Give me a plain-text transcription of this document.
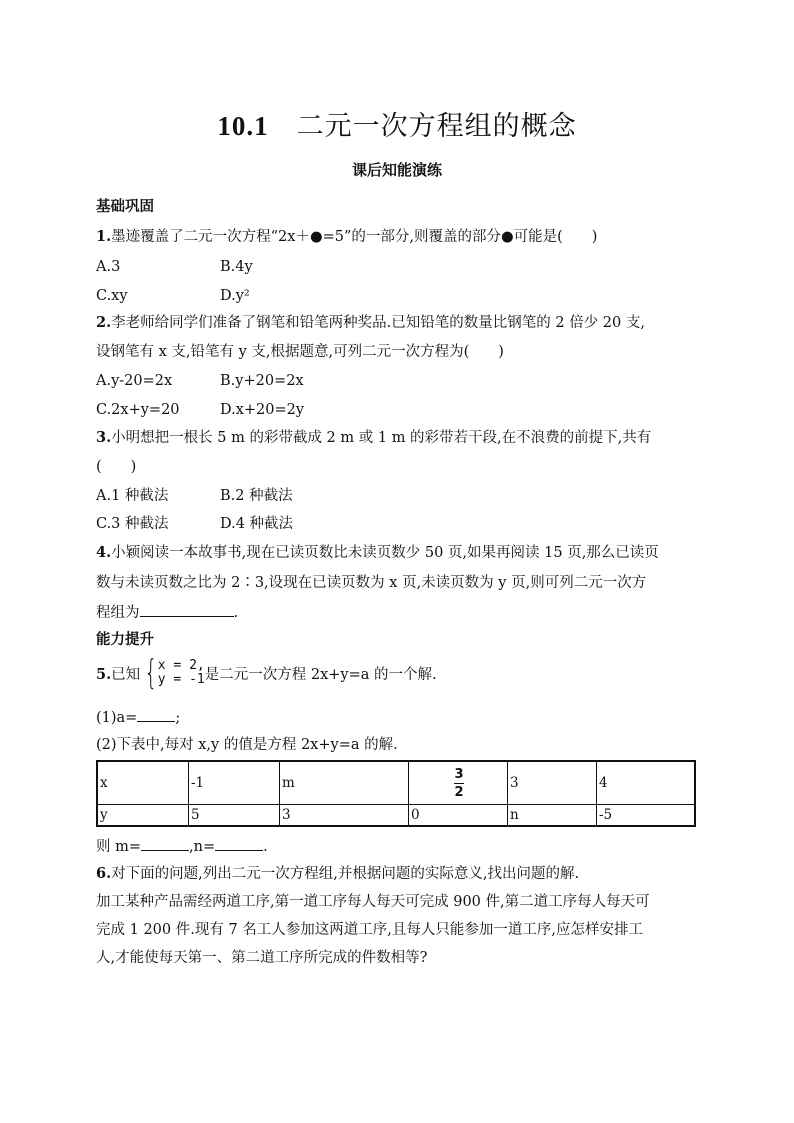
10.1 二元一次方程组的概念
课后知能演练
基础巩固
1.墨迹覆盖了二元一次方程“2x＋●=5”的一部分,则覆盖的部分●可能是(　　)
A.3	B.4y
C.xy	D.y²
2.李老师给同学们准备了钢笔和铅笔两种奖品.已知铅笔的数量比钢笔的 2 倍少 20 支,
设钢笔有 x 支,铅笔有 y 支,根据题意,可列二元一次方程为(　　)
A.y-20=2x	B.y+20=2x
C.2x+y=20	D.x+20=2y
3.小明想把一根长 5 m 的彩带截成 2 m 或 1 m 的彩带若干段,在不浪费的前提下,共有
(　　)
A.1 种截法	B.2 种截法
C.3 种截法	D.4 种截法
4.小颖阅读一本故事书,现在已读页数比未读页数少 50 页,如果再阅读 15 页,那么已读页
数与未读页数之比为 2∶3,设现在已读页数为 x 页,未读页数为 y 页,则可列二元一次方
程组为	.
能力提升
5.已知 { x = 2,
y = -1 是二元一次方程 2x+y=a 的一个解.
(1)a=	;
(2)下表中,每对 x,y 的值是方程 2x+y=a 的解.
x	-1	m	$\frac{3}{2}$	3	4
y	5	3	0	n	-5
则 m=	,n=	.
6.对下面的问题,列出二元一次方程组,并根据问题的实际意义,找出问题的解.
加工某种产品需经两道工序,第一道工序每人每天可完成 900 件,第二道工序每人每天可
完成 1 200 件.现有 7 名工人参加这两道工序,且每人只能参加一道工序,应怎样安排工
人,才能使每天第一、第二道工序所完成的件数相等?
